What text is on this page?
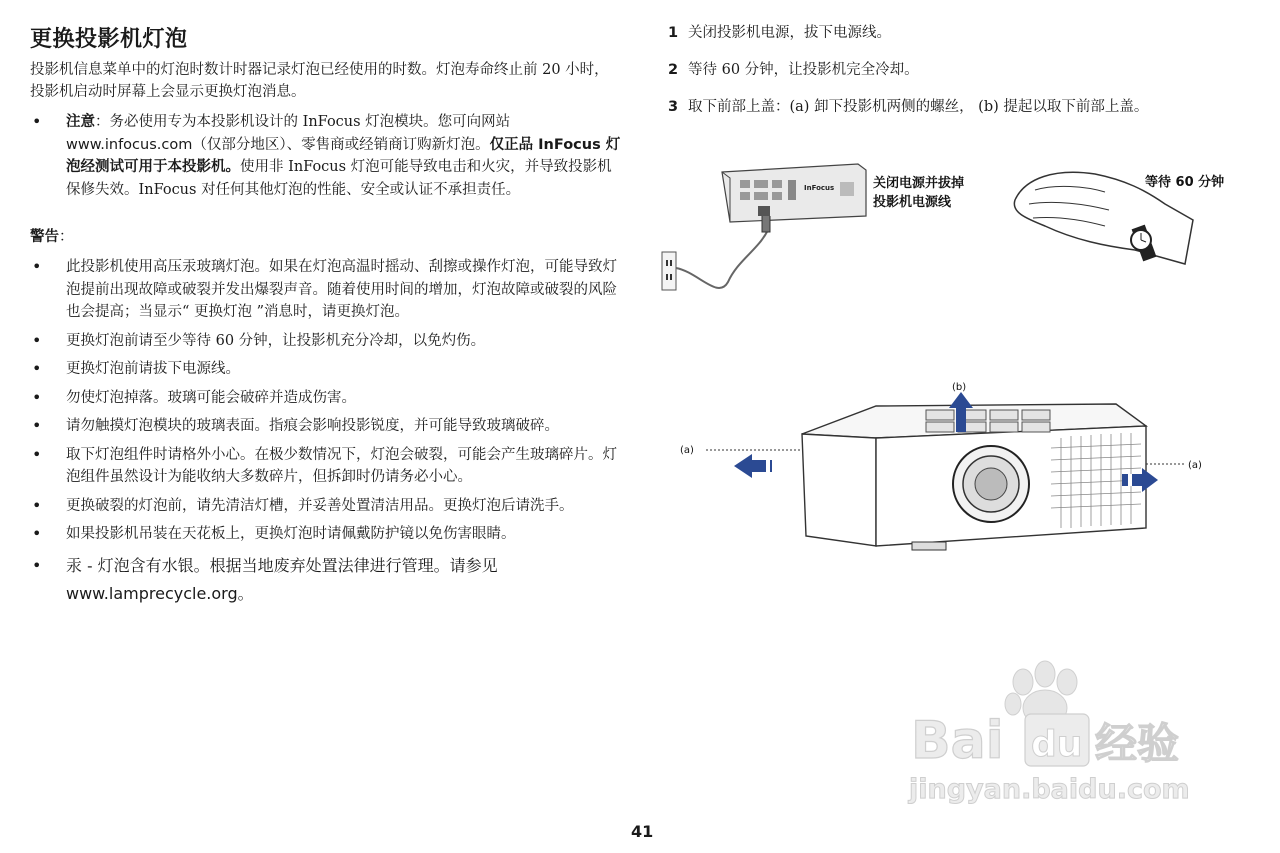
更换投影机灯泡

投影机信息菜单中的灯泡时数计时器记录灯泡已经使用的时数。灯泡寿命终止前 20 小时，投影机启动时屏幕上会显示更换灯泡消息。

• 注意：务必使用专为本投影机设计的 InFocus 灯泡模块。您可向网站www.infocus.com（仅部分地区）、零售商或经销商订购新灯泡。仅正品 InFocus 灯泡经测试可用于本投影机。使用非 InFocus 灯泡可能导致电击和火灾，并导致投影机保修失效。InFocus 对任何其他灯泡的性能、安全或认证不承担责任。
警告：
• 此投影机使用高压汞玻璃灯泡。如果在灯泡高温时摇动、刮擦或操作灯泡，可能导致灯泡提前出现故障或破裂并发出爆裂声音。随着使用时间的增加，灯泡故障或破裂的风险也会提高；当显示“ 更换灯泡 ”消息时，请更换灯泡。
• 更换灯泡前请至少等待 60 分钟，让投影机充分冷却，以免灼伤。
• 更换灯泡前请拔下电源线。
• 勿使灯泡掉落。玻璃可能会破碎并造成伤害。
• 请勿触摸灯泡模块的玻璃表面。指痕会影响投影锐度，并可能导致玻璃破碎。
• 取下灯泡组件时请格外小心。在极少数情况下，灯泡会破裂，可能会产生玻璃碎片。灯泡组件虽然设计为能收纳大多数碎片，但拆卸时仍请务必小心。
• 更换破裂的灯泡前，请先清洁灯槽，并妥善处置清洁用品。更换灯泡后请洗手。
• 如果投影机吊装在天花板上，更换灯泡时请佩戴防护镜以免伤害眼睛。
• 汞 - 灯泡含有水银。根据当地废弃处置法律进行管理。请参见
www.lamprecycle.org。
1 关闭投影机电源，拔下电源线。
2 等待 60 分钟，让投影机完全冷却。
3 取下前部上盖：(a) 卸下投影机两侧的螺丝， (b) 提起以取下前部上盖。
InFocus	关闭电源并拔掉
投影机电源线
等待 60 分钟
(b)
(a)
(a)
41
Bai du 经验
jingyan.baidu.com
